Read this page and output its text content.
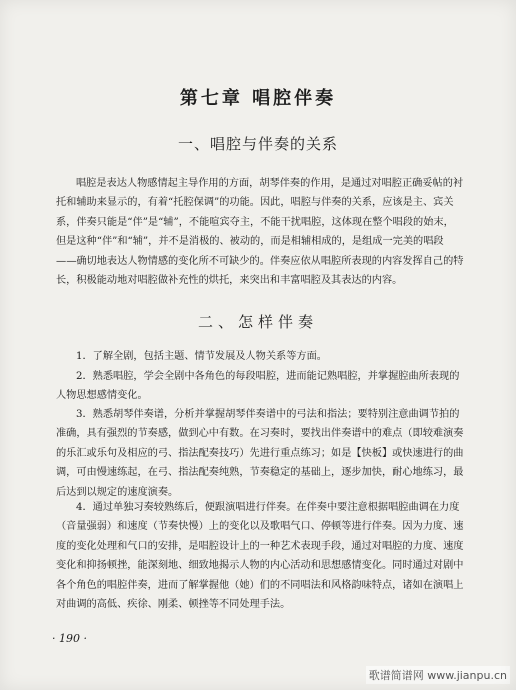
第七章 唱腔伴奏
一、唱腔与伴奏的关系

唱腔是表达人物感情起主导作用的方面，胡琴伴奏的作用，是通过对唱腔正确妥帖的衬
托和辅助来显示的，有着“托腔保调”的功能。因此，唱腔与伴奏的关系，应该是主、宾关
系，伴奏只能是“伴”是“辅”，不能喧宾夺主，不能干扰唱腔，这体现在整个唱段的始末，
但是这种“伴”和“辅”，并不是消极的、被动的，而是相辅相成的，是组成一完美的唱段
——确切地表达人物情感的变化所不可缺少的。伴奏应依从唱腔所表现的内容发挥自己的特
长，积极能动地对唱腔做补充性的烘托，来突出和丰富唱腔及其表达的内容。

二、怎样伴奏

1．了解全剧，包括主题、情节发展及人物关系等方面。

2．熟悉唱腔，学会全剧中各角色的每段唱腔，进而能记熟唱腔，并掌握腔曲所表现的
人物思想感情变化。

3．熟悉胡琴伴奏谱，分析并掌握胡琴伴奏谱中的弓法和指法；要特别注意曲调节拍的
准确，具有强烈的节奏感，做到心中有数。在习奏时，要找出伴奏谱中的难点（即较难演奏
的乐汇或乐句及相应的弓、指法配奏技巧）先进行重点练习；如是【快板】或快速进行的曲
调，可由慢速练起，在弓、指法配奏纯熟，节奏稳定的基础上，逐步加快，耐心地练习，最
后达到以规定的速度演奏。

4．通过单独习奏较熟练后，便跟演唱进行伴奏。在伴奏中要注意根据唱腔曲调在力度
（音量强弱）和速度（节奏快慢）上的变化以及歌唱气口、停顿等进行伴奏。因为力度、速
度的变化处理和气口的安排，是唱腔设计上的一种艺术表现手段，通过对唱腔的力度、速度
变化和抑扬顿挫，能深刻地、细致地揭示人物的内心活动和思想感情变化。同时通过对剧中
各个角色的唱腔伴奏，进而了解掌握他（她）们的不同唱法和风格韵味特点，诸如在演唱上
对曲调的高低、疾徐、刚柔、顿挫等不同处理手法。

· 190 ·
歌谱简谱网 www.jianpu.cn
